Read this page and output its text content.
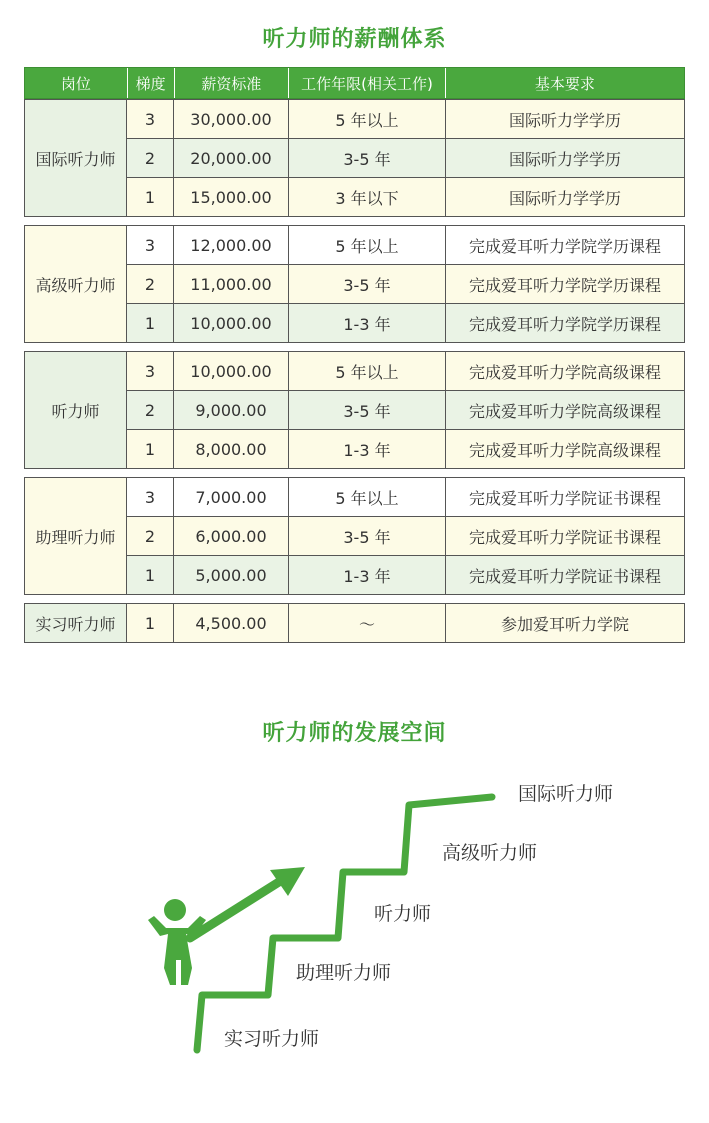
听力师的薪酬体系
岗位	梯度	薪资标准	工作年限(相关工作)	基本要求
国际听力师
3	30,000.00	5 年以上	国际听力学学历
2	20,000.00	3-5 年	国际听力学学历
1	15,000.00	3 年以下	国际听力学学历
高级听力师
3	12,000.00	5 年以上	完成爱耳听力学院学历课程
2	11,000.00	3-5 年	完成爱耳听力学院学历课程
1	10,000.00	1-3 年	完成爱耳听力学院学历课程
听力师
3	10,000.00	5 年以上	完成爱耳听力学院高级课程
2	9,000.00	3-5 年	完成爱耳听力学院高级课程
1	8,000.00	1-3 年	完成爱耳听力学院高级课程
助理听力师
3	7,000.00	5 年以上	完成爱耳听力学院证书课程
2	6,000.00	3-5 年	完成爱耳听力学院证书课程
1	5,000.00	1-3 年	完成爱耳听力学院证书课程
实习听力师	1	4,500.00	～	参加爱耳听力学院
听力师的发展空间
实习听力师
助理听力师
听力师
高级听力师
国际听力师
